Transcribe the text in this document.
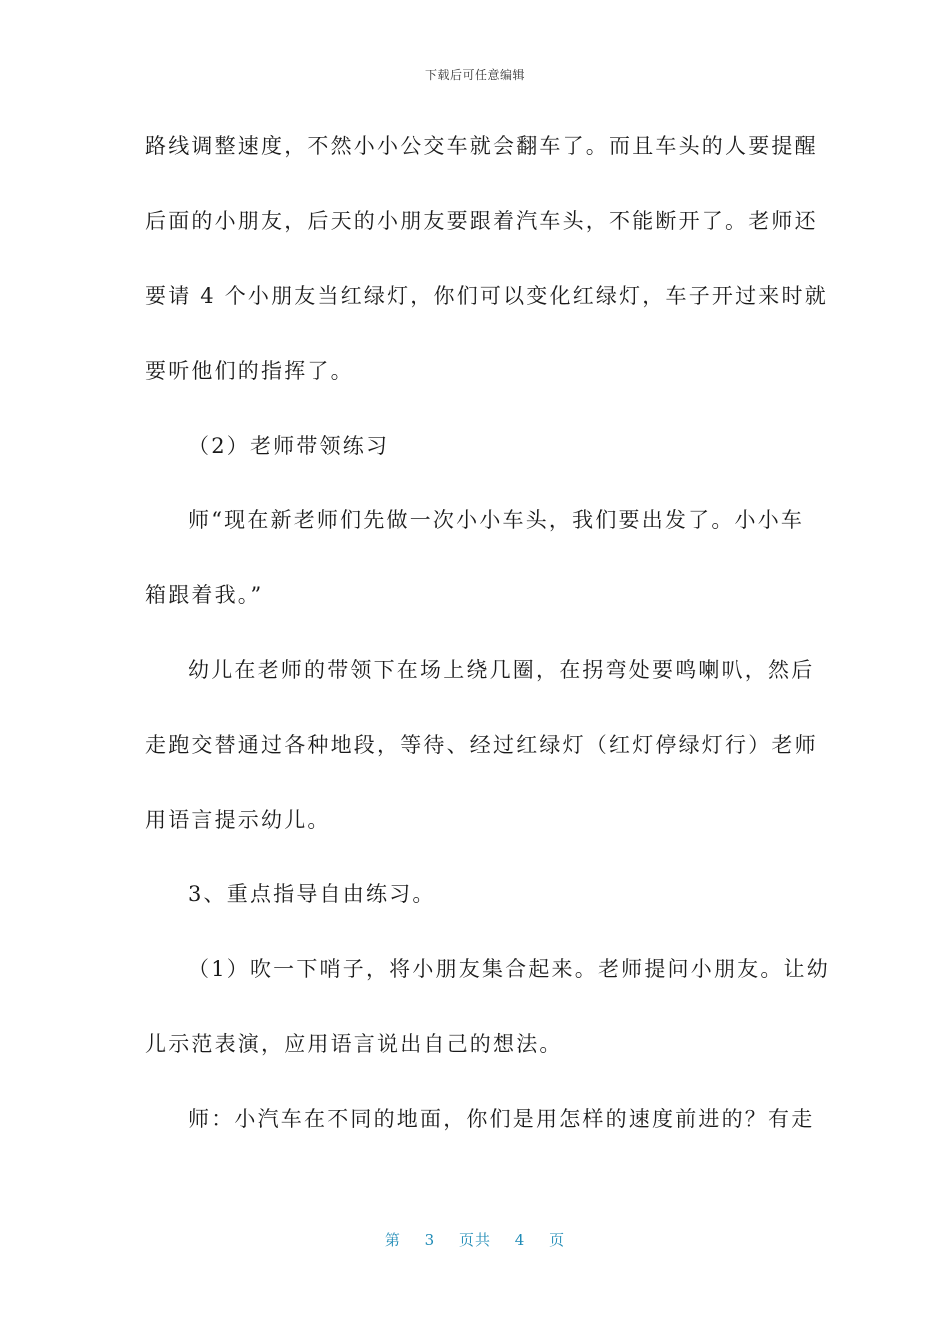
下载后可任意编辑
路线调整速度，不然小小公交车就会翻车了。而且车头的人要提醒
后面的小朋友，后天的小朋友要跟着汽车头，不能断开了。老师还
要请 4 个小朋友当红绿灯，你们可以变化红绿灯，车子开过来时就
要听他们的指挥了。
（2）老师带领练习
师“现在新老师们先做一次小小车头，我们要出发了。小小车
箱跟着我。”
幼儿在老师的带领下在场上绕几圈，在拐弯处要鸣喇叭，然后
走跑交替通过各种地段，等待、经过红绿灯（红灯停绿灯行）老师
用语言提示幼儿。
3、重点指导自由练习。
（1）吹一下哨子，将小朋友集合起来。老师提问小朋友。让幼
儿示范表演，应用语言说出自己的想法。
师：小汽车在不同的地面，你们是用怎样的速度前进的？有走
第 3 页共 4 页
